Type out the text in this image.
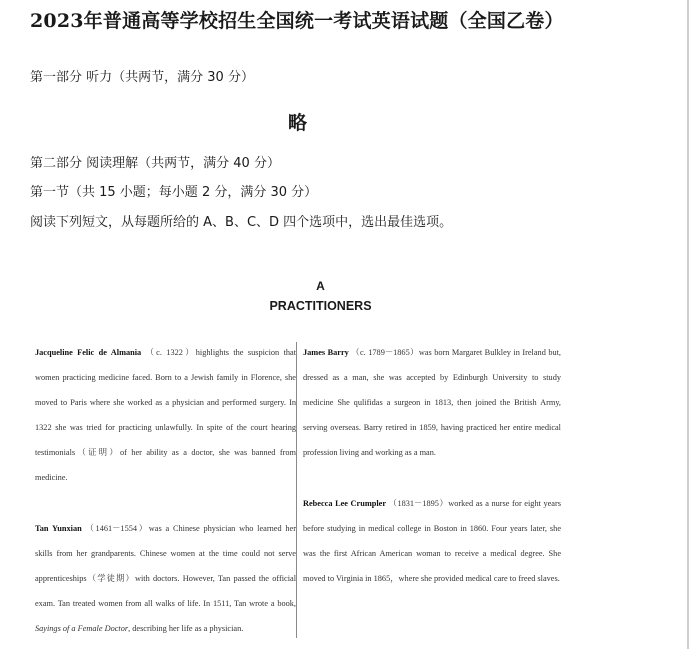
2023年普通高等学校招生全国统一考试英语试题（全国乙卷）
第一部分 听力（共两节，满分 30 分）
略
第二部分 阅读理解（共两节，满分 40 分）
第一节（共 15 小题；每小题 2 分，满分 30 分）
阅读下列短文，从每题所给的 A、B、C、D 四个选项中，选出最佳选项。
A
PRACTITIONERS

Jacqueline Felic de Almania （c. 1322）highlights the suspicion that women practicing medicine faced. Born to a Jewish family in Florence, she moved to Paris where she worked as a physician and performed surgery. In 1322 she was tried for practicing unlawfully. In spite of the court hearing testimonials（证明）of her ability as a doctor, she was banned from medicine.

Tan Yunxian （1461－1554）was a Chinese physician who learned her skills from her grandparents. Chinese women at the time could not serve apprenticeships（学徒期）with doctors. However, Tan passed the official exam. Tan treated women from all walks of life. In 1511, Tan wrote a book, Sayings of a Female Doctor, describing her life as a physician.

James Barry （c. 1789－1865）was born Margaret Bulkley in Ireland but, dressed as a man, she was accepted by Edinburgh University to study medicine She qulifidas a surgeon in 1813, then joined the British Army, serving overseas. Barry retired in 1859, having practiced her entire medical profession living and working as a man.

Rebecca Lee Crumpler （1831－1895）worked as a nurse for eight years before studying in medical college in Boston in 1860. Four years later, she was the first African American woman to receive a medical degree. She moved to Virginia in 1865，where she provided medical care to freed slaves.
